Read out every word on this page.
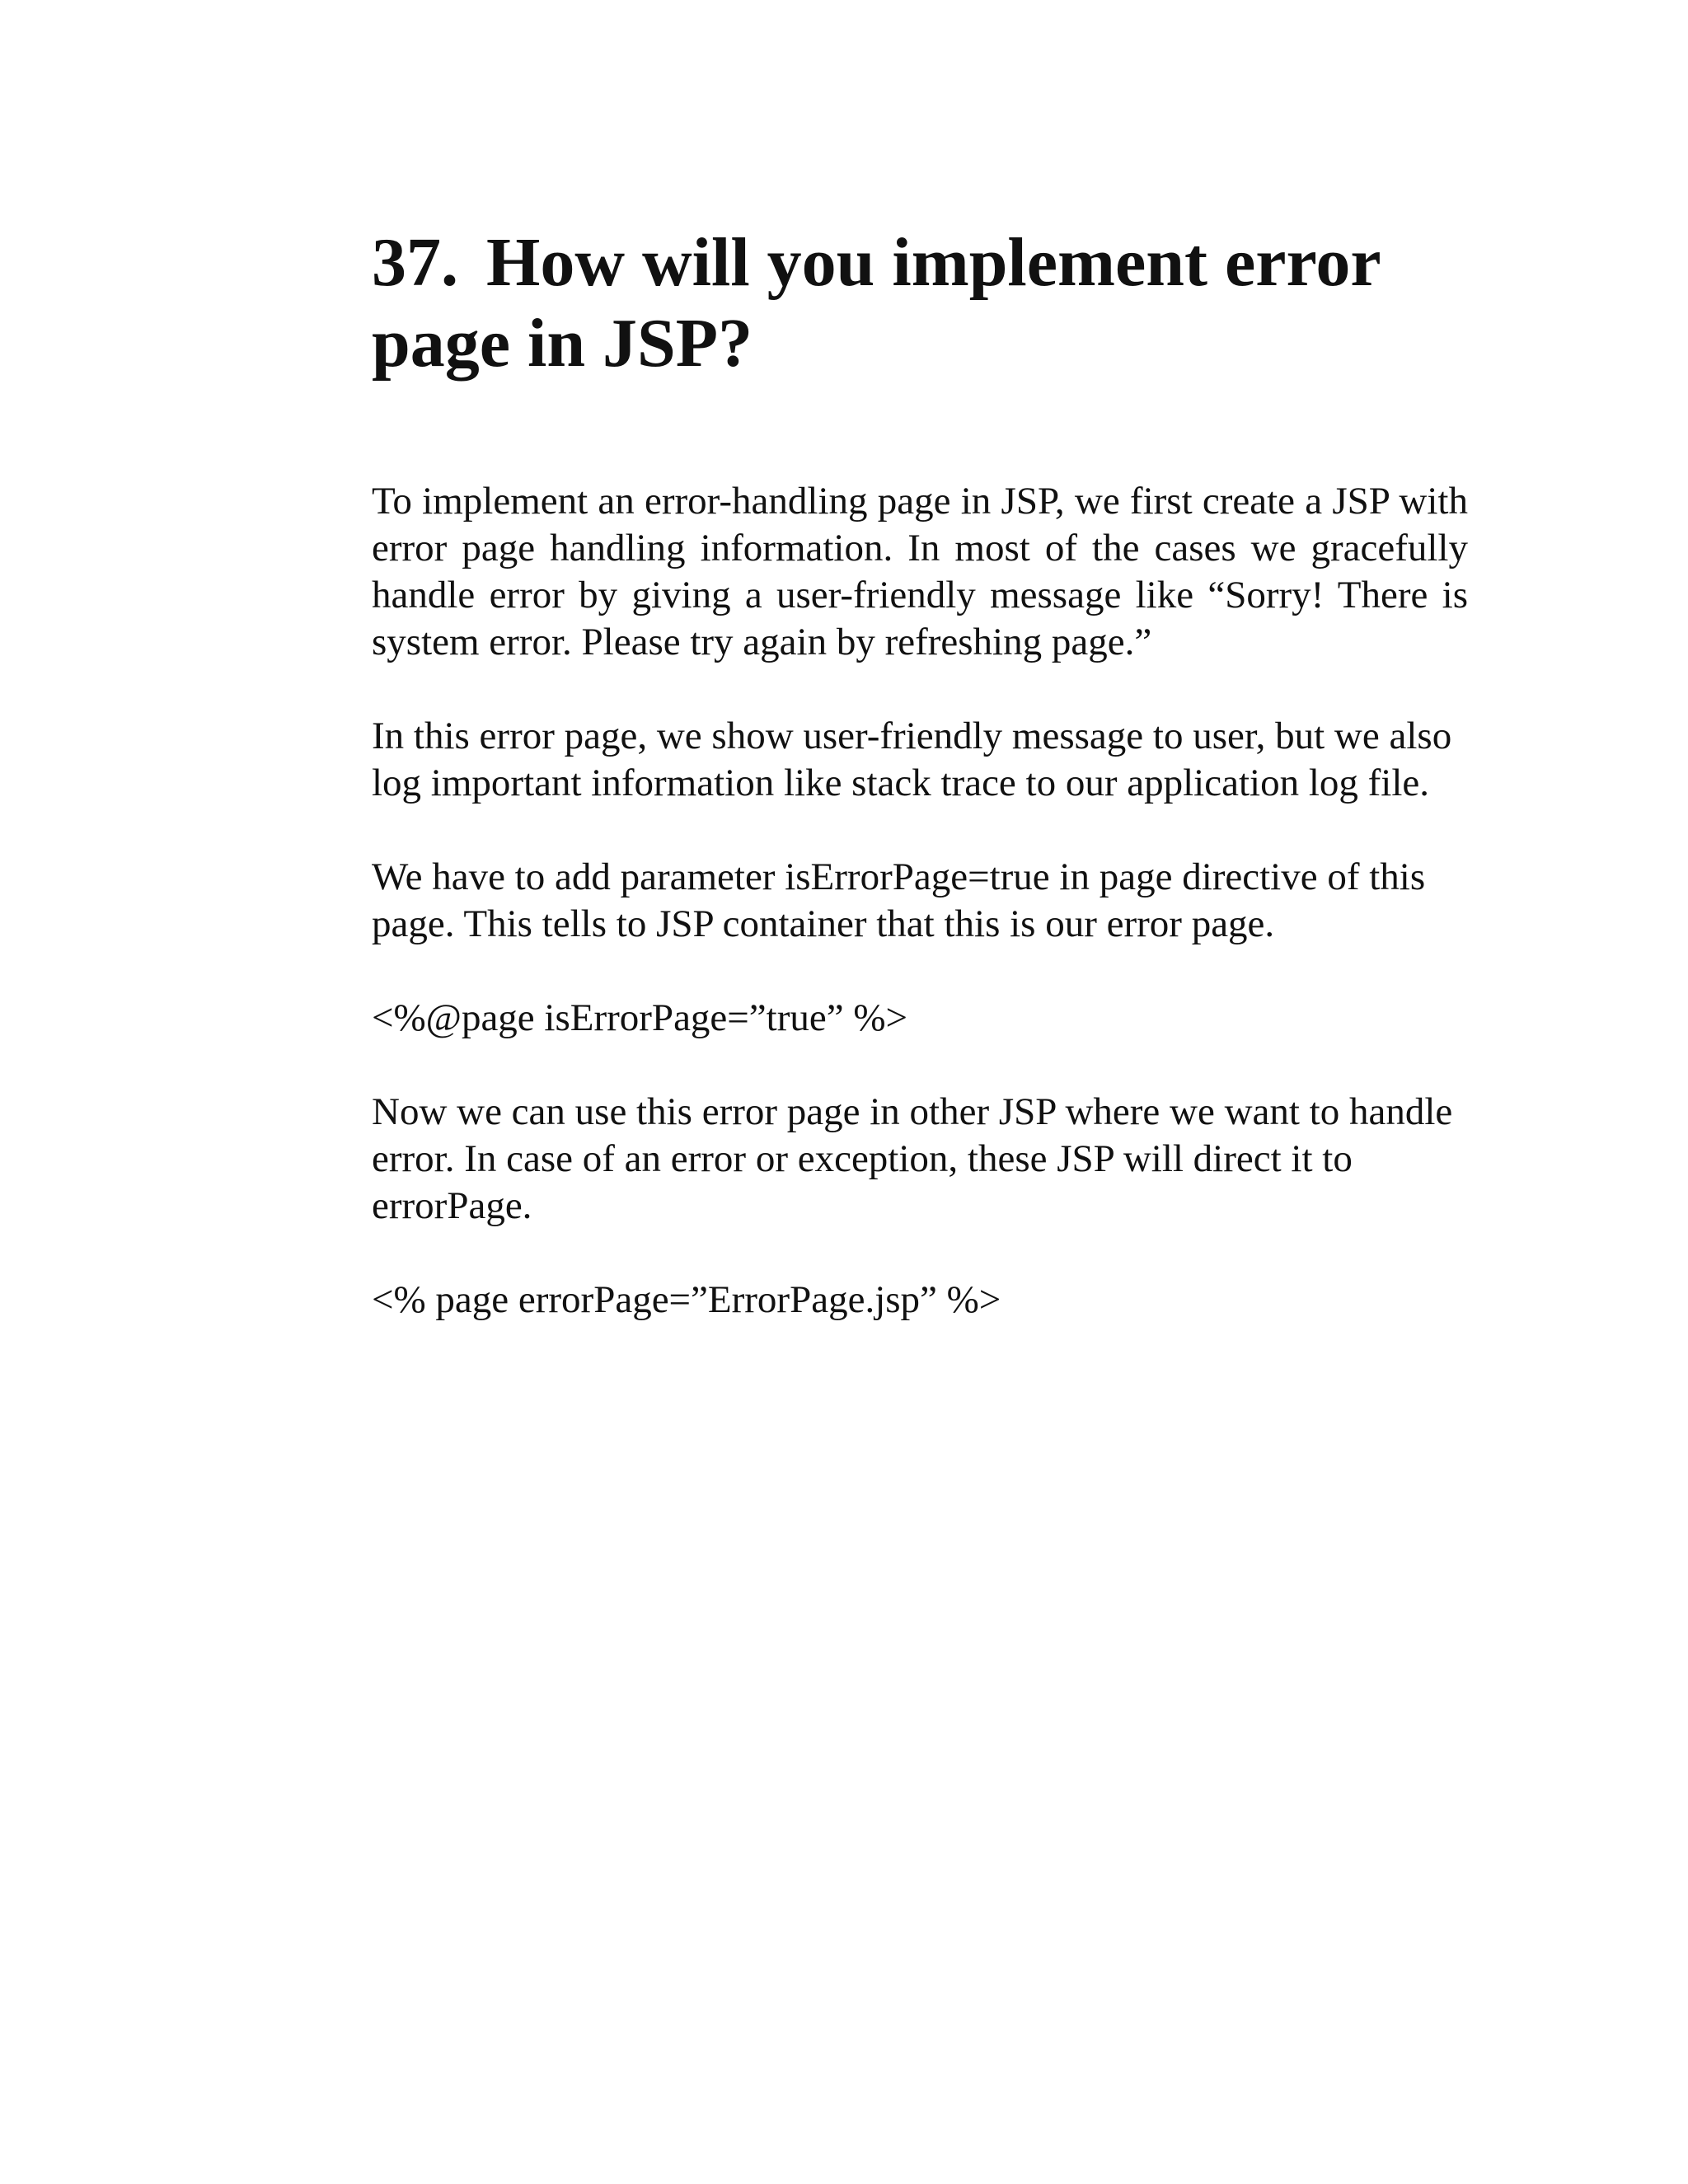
37. How will you implement error page in JSP?

To implement an error-handling page in JSP, we first create a JSP with error page handling information. In most of the cases we gracefully handle error by giving a user-friendly message like “Sorry! There is system error. Please try again by refreshing page.”

In this error page, we show user-friendly message to user, but we also log important information like stack trace to our application log file.

We have to add parameter isErrorPage=true in page directive of this page. This tells to JSP container that this is our error page.

<%@page isErrorPage=”true” %>

Now we can use this error page in other JSP where we want to handle error. In case of an error or exception, these JSP will direct it to errorPage.

<% page errorPage=”ErrorPage.jsp” %>
